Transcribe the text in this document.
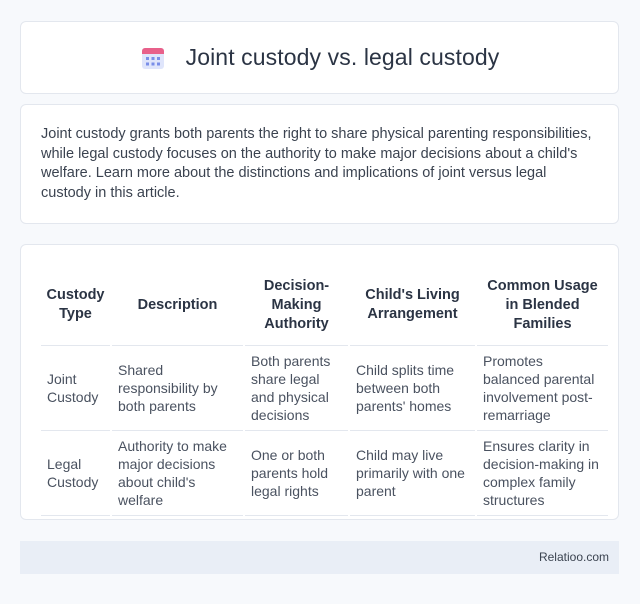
Joint custody vs. legal custody

Joint custody grants both parents the right to share physical parenting responsibilities, while legal custody focuses on the authority to make major decisions about a child's welfare. Learn more about the distinctions and implications of joint versus legal custody in this article.

Custody Type	Description	Decision-Making Authority	Child's Living Arrangement	Common Usage in Blended Families
Joint Custody	Shared responsibility by both parents	Both parents share legal and physical decisions	Child splits time between both parents' homes	Promotes balanced parental involvement post-remarriage
Legal Custody	Authority to make major decisions about child's welfare	One or both parents hold legal rights	Child may live primarily with one parent	Ensures clarity in decision-making in complex family structures
Relatioo.com
